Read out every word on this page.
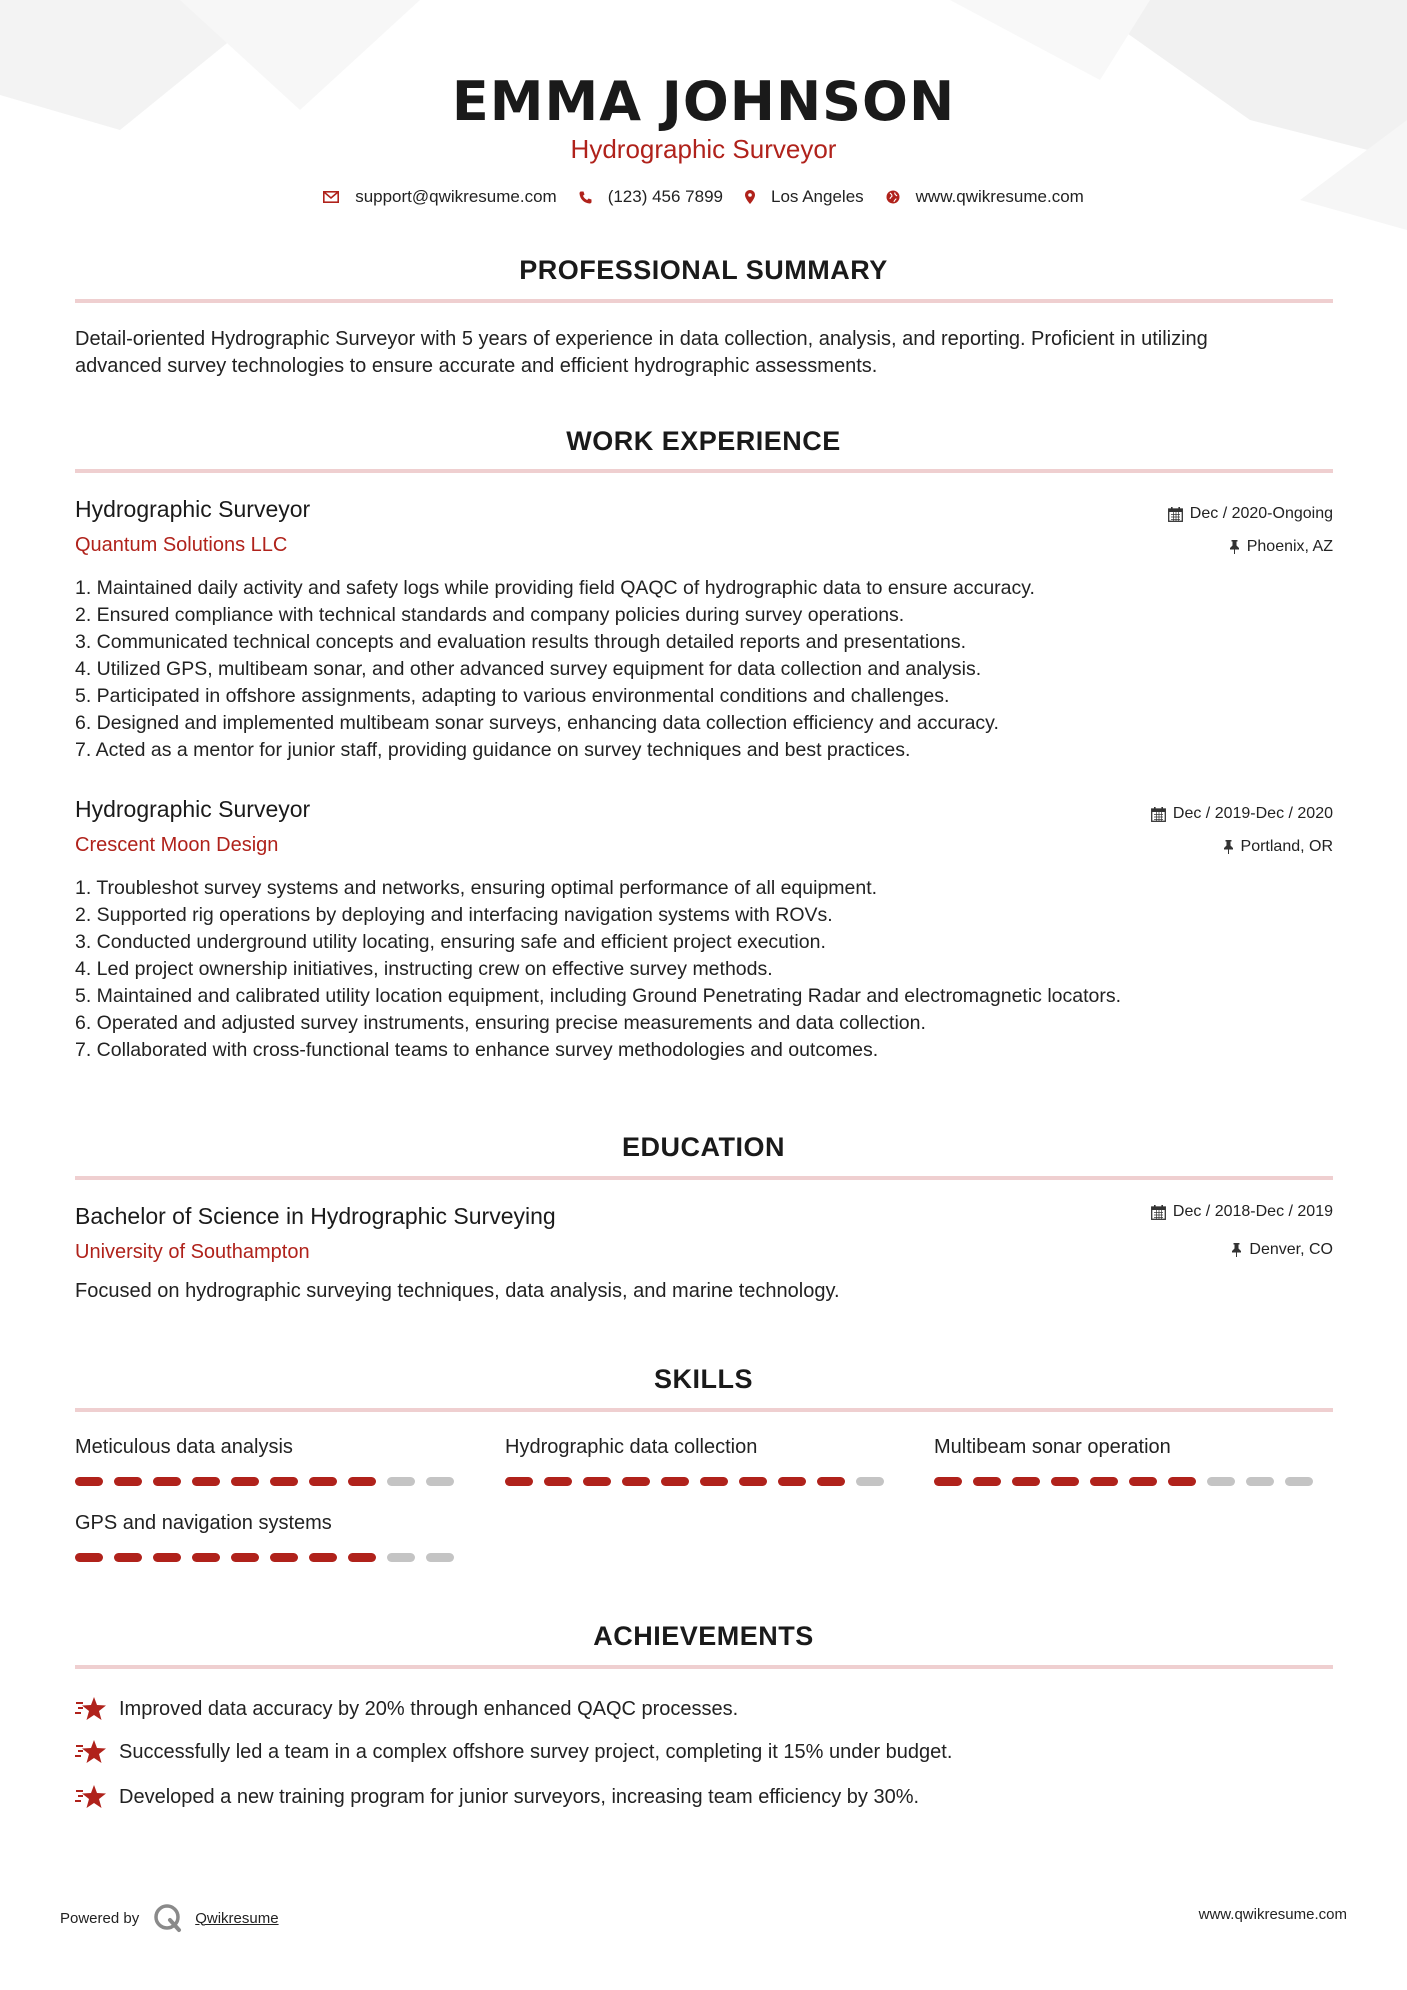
EMMA JOHNSON
Hydrographic Surveyor
support@qwikresume.com	(123) 456 7899	Los Angeles	www.qwikresume.com
PROFESSIONAL SUMMARY
Detail-oriented Hydrographic Surveyor with 5 years of experience in data collection, analysis, and reporting. Proficient in utilizing
advanced survey technologies to ensure accurate and efficient hydrographic assessments.
WORK EXPERIENCE
Hydrographic Surveyor	Dec / 2020-Ongoing
Quantum Solutions LLC	Phoenix, AZ
1. Maintained daily activity and safety logs while providing field QAQC of hydrographic data to ensure accuracy.
2. Ensured compliance with technical standards and company policies during survey operations.
3. Communicated technical concepts and evaluation results through detailed reports and presentations.
4. Utilized GPS, multibeam sonar, and other advanced survey equipment for data collection and analysis.
5. Participated in offshore assignments, adapting to various environmental conditions and challenges.
6. Designed and implemented multibeam sonar surveys, enhancing data collection efficiency and accuracy.
7. Acted as a mentor for junior staff, providing guidance on survey techniques and best practices.
Hydrographic Surveyor	Dec / 2019-Dec / 2020
Crescent Moon Design	Portland, OR
1. Troubleshot survey systems and networks, ensuring optimal performance of all equipment.
2. Supported rig operations by deploying and interfacing navigation systems with ROVs.
3. Conducted underground utility locating, ensuring safe and efficient project execution.
4. Led project ownership initiatives, instructing crew on effective survey methods.
5. Maintained and calibrated utility location equipment, including Ground Penetrating Radar and electromagnetic locators.
6. Operated and adjusted survey instruments, ensuring precise measurements and data collection.
7. Collaborated with cross-functional teams to enhance survey methodologies and outcomes.
EDUCATION
Bachelor of Science in Hydrographic Surveying	Dec / 2018-Dec / 2019
University of Southampton	Denver, CO
Focused on hydrographic surveying techniques, data analysis, and marine technology.
SKILLS
Meticulous data analysis	Hydrographic data collection	Multibeam sonar operation
GPS and navigation systems
ACHIEVEMENTS
Improved data accuracy by 20% through enhanced QAQC processes.
Successfully led a team in a complex offshore survey project, completing it 15% under budget.
Developed a new training program for junior surveyors, increasing team efficiency by 30%.
Powered by	Qwikresume	www.qwikresume.com
